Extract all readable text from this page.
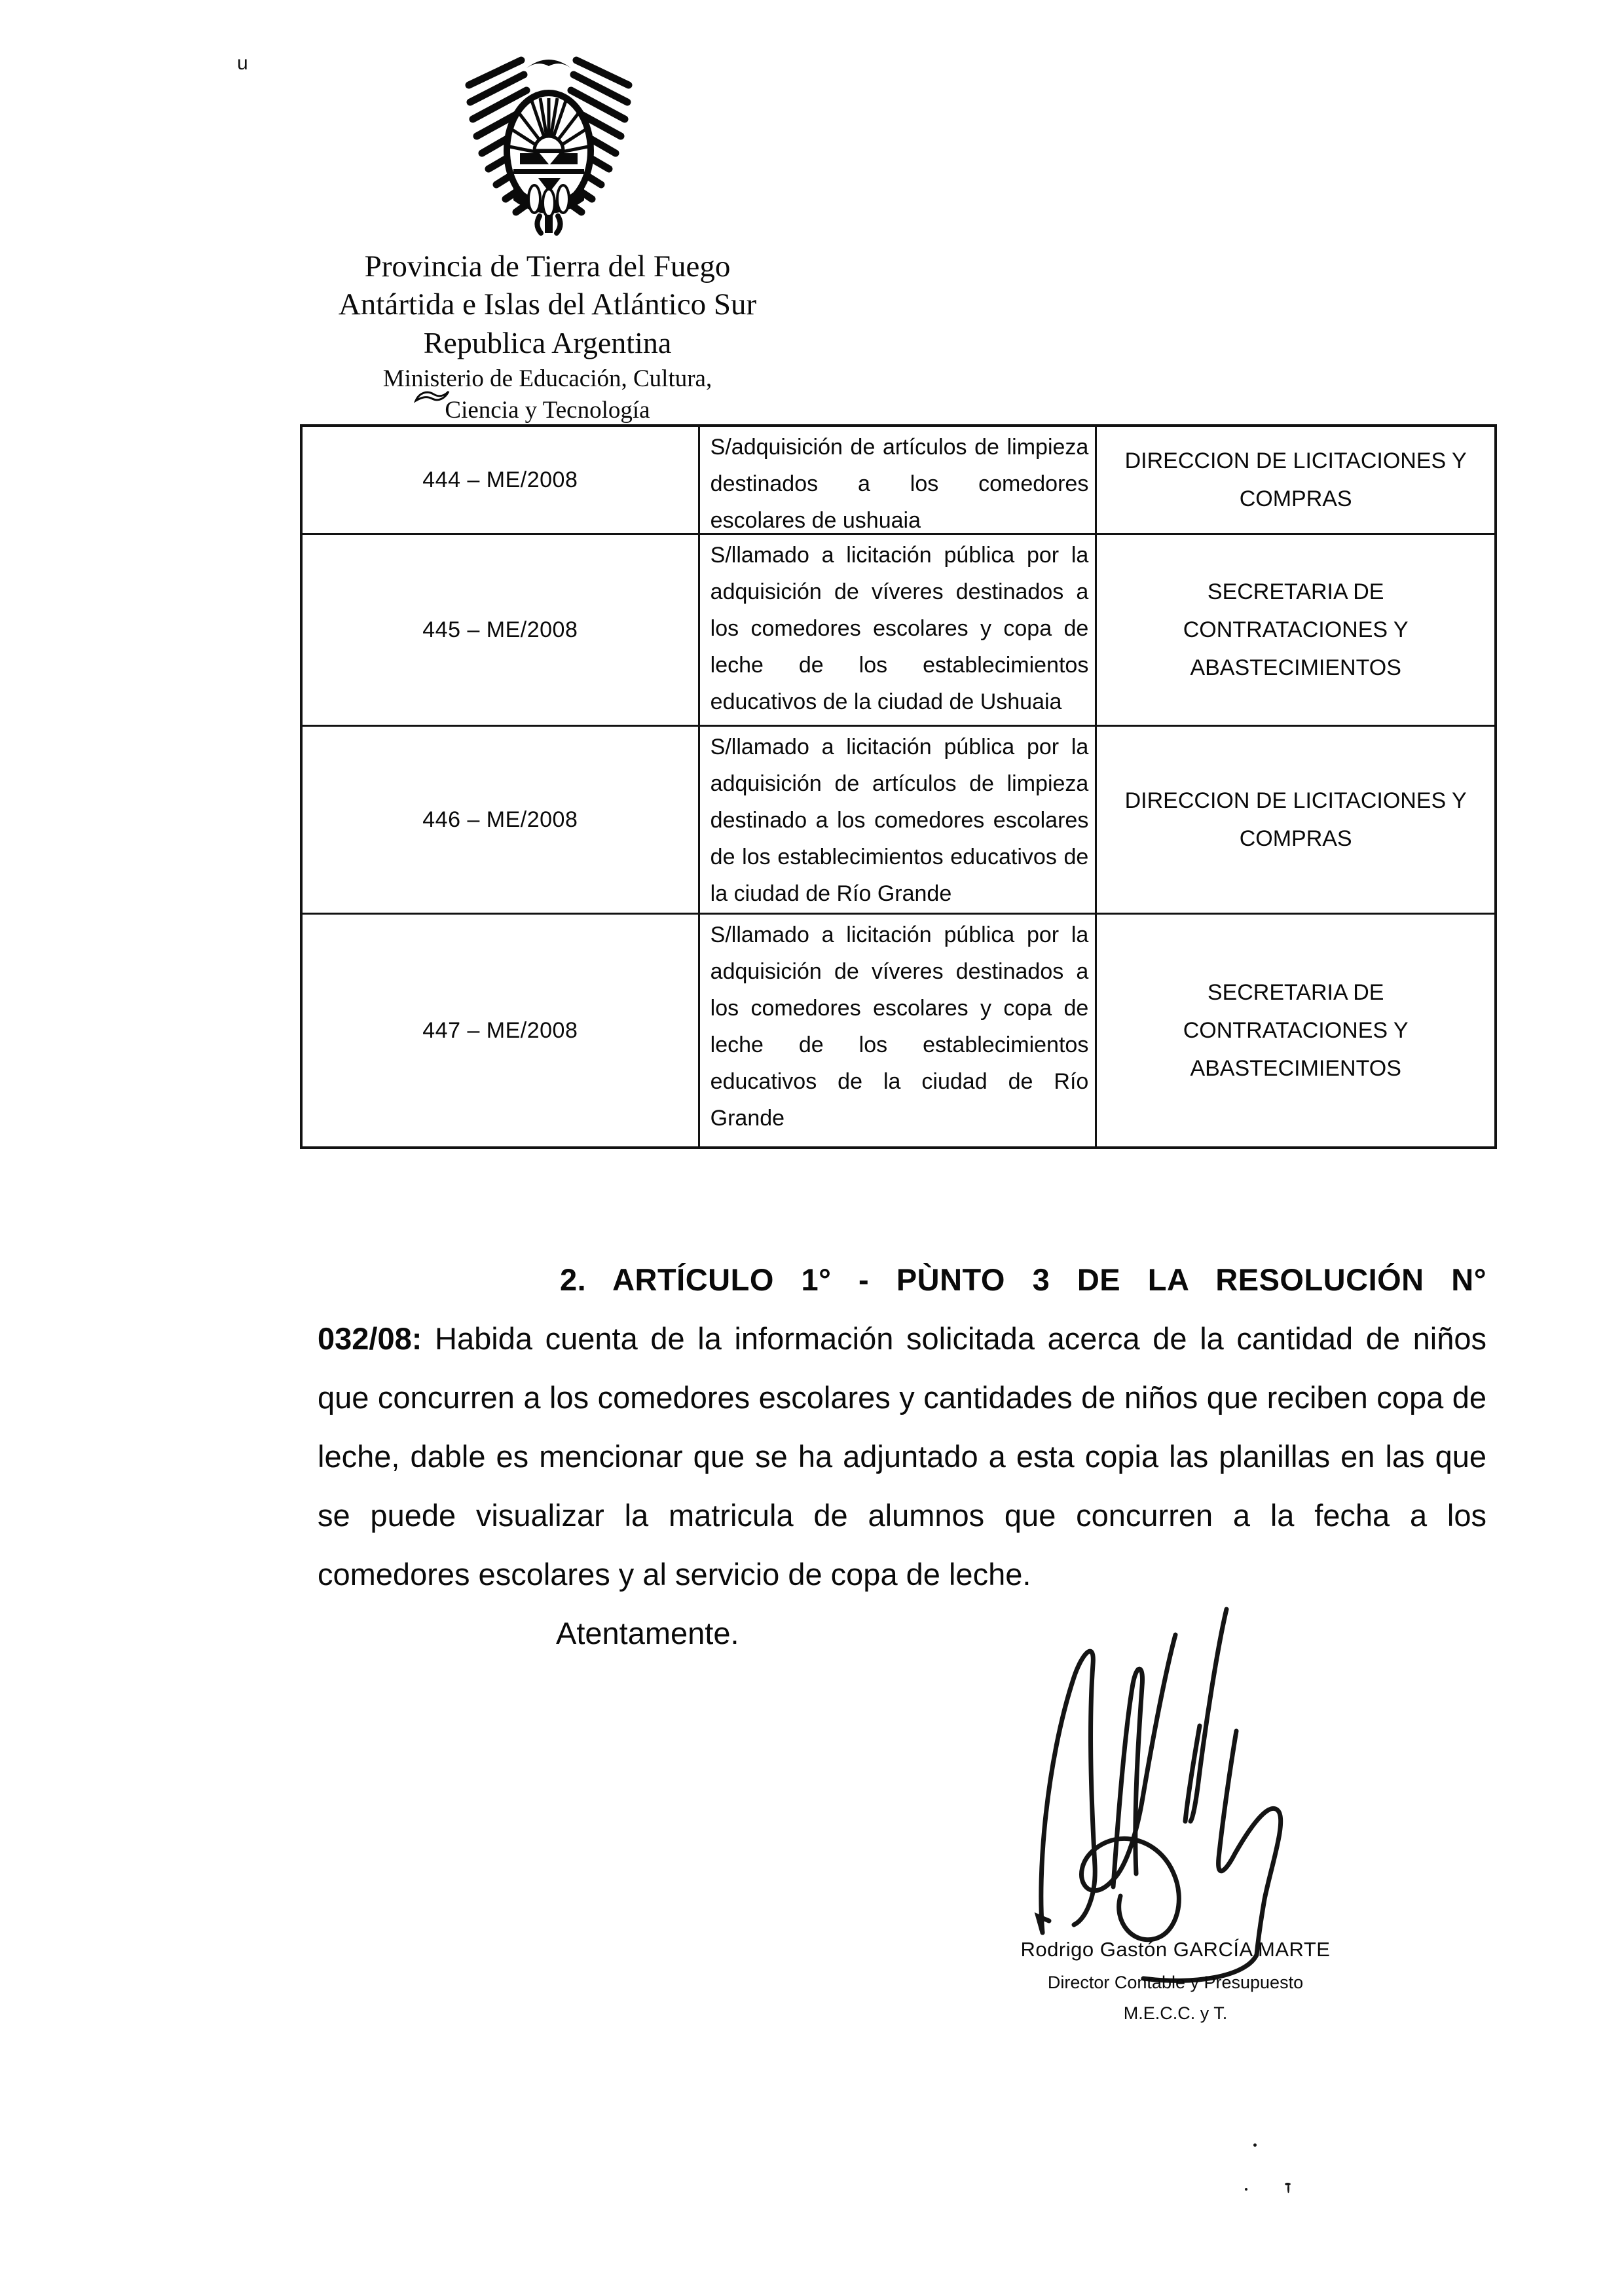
u
Provincia de Tierra del Fuego
Antártida e Islas del Atlántico Sur
Republica Argentina
Ministerio de Educación, Cultura,
Ciencia y Tecnología
444 – ME/2008
S/adquisición de artículos de limpieza destinados a los comedores escolares de ushuaia
DIRECCION DE LICITACIONES Y COMPRAS
445 – ME/2008
S/llamado a licitación pública por la adquisición de víveres destinados a los comedores escolares y copa de leche de los establecimientos educativos de la ciudad de Ushuaia
SECRETARIA DE CONTRATACIONES Y ABASTECIMIENTOS
446 – ME/2008
S/llamado a licitación pública por la adquisición de artículos de limpieza destinado a los comedores escolares de los establecimientos educativos de la ciudad de Río Grande
DIRECCION DE LICITACIONES Y COMPRAS
447 – ME/2008
S/llamado a licitación pública por la adquisición de víveres destinados a los comedores escolares y copa de leche de los establecimientos educativos de la ciudad de Río Grande
SECRETARIA DE CONTRATACIONES Y ABASTECIMIENTOS
2. ARTÍCULO 1° - PÙNTO 3 DE LA RESOLUCIÓN N°

032/08: Habida cuenta de la información solicitada acerca de la cantidad de niños que concurren a los comedores escolares y cantidades de niños que reciben copa de leche, dable es mencionar que se ha adjuntado a esta copia las planillas en las que se puede visualizar la matricula de alumnos que concurren a la fecha a los comedores escolares y al servicio de copa de leche.

Atentamente.
Rodrigo Gastón GARCÍA MARTE
Director Contable y Presupuesto
M.E.C.C. y T.
